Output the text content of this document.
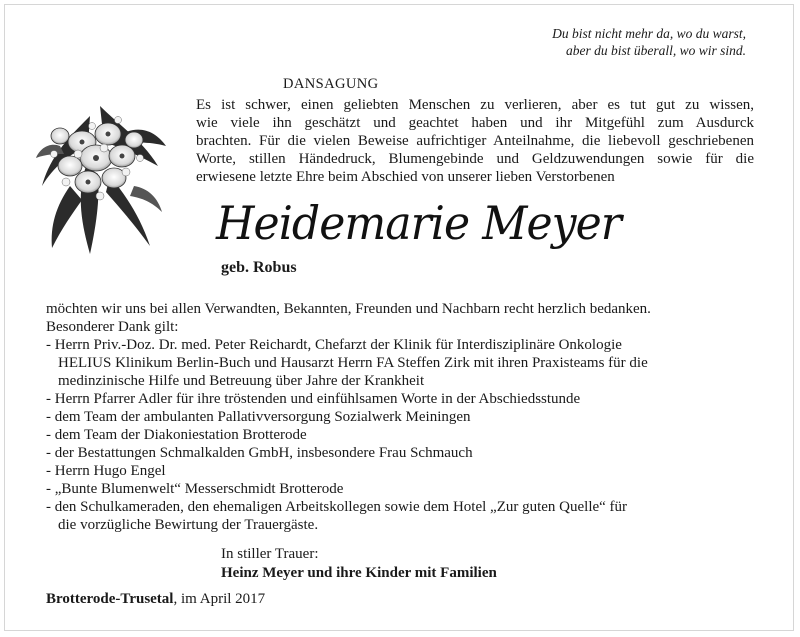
Du bist nicht mehr da, wo du warst,
aber du bist überall, wo wir sind.
DANSAGUNG
Es ist schwer, einen geliebten Menschen zu verlieren, aber es tut gut zu wissen,
wie viele ihn geschätzt und geachtet haben und ihr Mitgefühl zum Ausdurck
brachten. Für die vielen Beweise aufrichtiger Anteilnahme, die liebevoll geschriebenen
Worte, stillen Händedruck, Blumengebinde und Geldzuwendungen sowie für die
erwiesene letzte Ehre beim Abschied von unserer lieben Verstorbenen
Heidemarie Meyer
geb. Robus
möchten wir uns bei allen Verwandten, Bekannten, Freunden und Nachbarn recht herzlich bedanken.
Besonderer Dank gilt:
- Herrn Priv.-Doz. Dr. med. Peter Reichardt, Chefarzt der Klinik für Interdisziplinäre Onkologie
HELIUS Klinikum Berlin-Buch und Hausarzt Herrn FA Steffen Zirk mit ihren Praxisteams für die
medinzinische Hilfe und Betreuung über Jahre der Krankheit
- Herrn Pfarrer Adler für ihre tröstenden und einfühlsamen Worte in der Abschiedsstunde
- dem Team der ambulanten Pallativversorgung Sozialwerk Meiningen
- dem Team der Diakoniestation Brotterode
- der Bestattungen Schmalkalden GmbH, insbesondere Frau Schmauch
- Herrn Hugo Engel
- „Bunte Blumenwelt“ Messerschmidt Brotterode
- den Schulkameraden, den ehemaligen Arbeitskollegen sowie dem Hotel „Zur guten Quelle“ für
die vorzügliche Bewirtung der Trauergäste.
In stiller Trauer:
Heinz Meyer und ihre Kinder mit Familien
Brotterode-Trusetal, im April 2017
